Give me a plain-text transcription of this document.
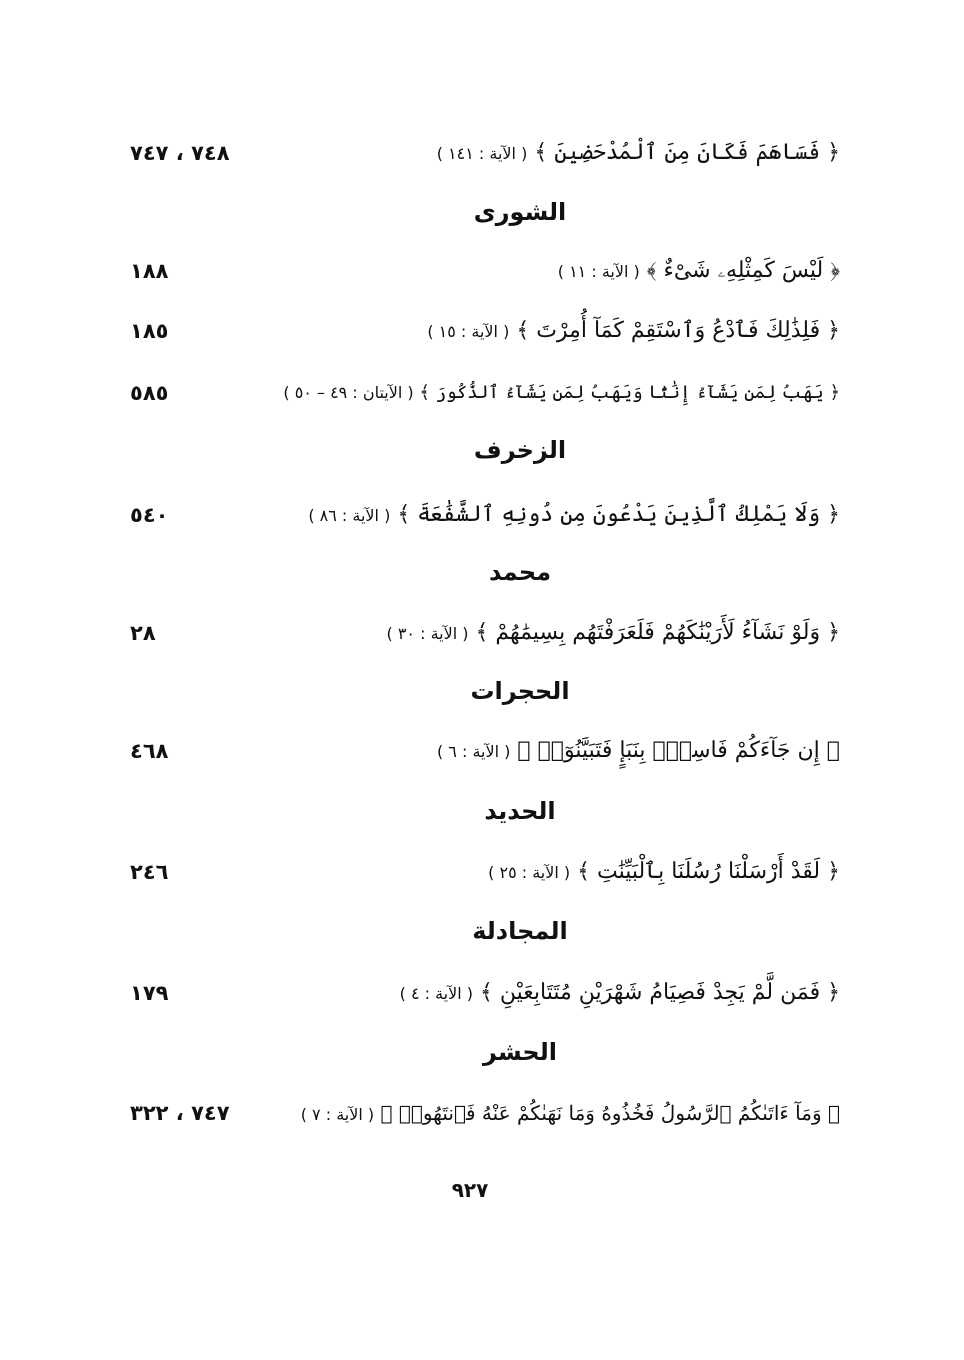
﴿ فَسَاهَمَ فَكَانَ مِنَ ٱلْمُدْحَضِينَ ﴾ ( الآية : ١٤١ )
٧٤٨ ، ٧٤٧
الشورى
﴿ لَيْسَ كَمِثْلِهِۦ شَىْءٌ ﴾ ( الآية : ١١ )
١٨٨
﴿ فَلِذَٰلِكَ فَٱدْعُ وَٱسْتَقِمْ كَمَآ أُمِرْتَ ﴾ ( الآية : ١٥ )
١٨٥
﴿ يَهَبُ لِمَن يَشَآءُ إِنَٰثًا وَيَهَبُ لِمَن يَشَآءُ ٱلذُّكُورَ ﴾ ( الآيتان : ٤٩ – ٥٠ )
٥٨٥
الزخرف
﴿ وَلَا يَمْلِكُ ٱلَّذِينَ يَدْعُونَ مِن دُونِهِ ٱلشَّفَٰعَةَ ﴾ ( الآية : ٨٦ )
٥٤٠
محمد
﴿ وَلَوْ نَشَآءُ لَأَرَيْنَٰكَهُمْ فَلَعَرَفْتَهُم بِسِيمَٰهُمْ ﴾ ( الآية : ٣٠ )
٢٨
الحجرات
﴿ إِن جَآءَكُمْ فَاسِقٌۢ بِنَبَإٍ فَتَبَيَّنُوٓا۟ ﴾ ( الآية : ٦ )
٤٦٨
الحديد
﴿ لَقَدْ أَرْسَلْنَا رُسُلَنَا بِٱلْبَيِّنَٰتِ ﴾ ( الآية : ٢٥ )
٢٤٦
المجادلة
﴿ فَمَن لَّمْ يَجِدْ فَصِيَامُ شَهْرَيْنِ مُتَتَابِعَيْنِ ﴾ ( الآية : ٤ )
١٧٩
الحشر
﴿ وَمَآ ءَاتَىٰكُمُ ٱلرَّسُولُ فَخُذُوهُ وَمَا نَهَىٰكُمْ عَنْهُ فَٱنتَهُوا۟ ﴾ ( الآية : ٧ )
٧٤٧ ، ٣٢٢
٩٢٧
